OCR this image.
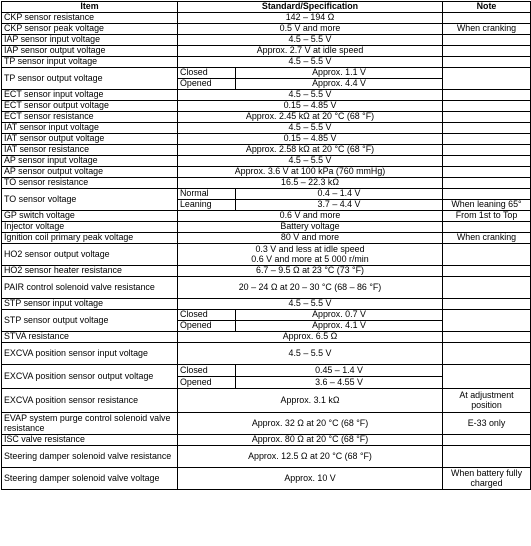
Item	Standard/Specification		Note
CKP sensor resistance	142 – 194 Ω		
CKP sensor peak voltage	0.5 V and more		When cranking
IAP sensor input voltage	4.5 – 5.5 V		
IAP sensor output voltage	Approx. 2.7 V at idle speed		
TP sensor input voltage	4.5 – 5.5 V		
TP sensor output voltage	Closed	Approx. 1.1 V	
	Opened	Approx. 4.4 V	
ECT sensor input voltage	4.5 – 5.5 V		
ECT sensor output voltage	0.15 – 4.85 V		
ECT sensor resistance	Approx. 2.45 kΩ at 20 °C (68 °F)		
IAT sensor input voltage	4.5 – 5.5 V		
IAT sensor output voltage	0.15 – 4.85 V		
IAT sensor resistance	Approx. 2.58 kΩ at 20 °C (68 °F)		
AP sensor input voltage	4.5 – 5.5 V		
AP sensor output voltage	Approx. 3.6 V at 100 kPa (760 mmHg)		
TO sensor resistance	16.5 – 22.3 kΩ		
TO sensor voltage	Normal	0.4 – 1.4 V	
	Leaning	3.7 – 4.4 V	When leaning 65°
GP switch voltage	0.6 V and more		From 1st to Top
Injector voltage	Battery voltage		
Ignition coil primary peak voltage	80 V and more		When cranking
HO2 sensor output voltage	0.3 V and less at idle speed
0.6 V and more at 5 000 r/min		

HO2 sensor heater resistance	6.7 – 9.5 Ω at 23 °C (73 °F)		
PAIR control solenoid valve resistance	20 – 24 Ω at 20 – 30 °C (68 – 86 °F)		
STP sensor input voltage	4.5 – 5.5 V		
STP sensor output voltage	Closed	Approx. 0.7 V	
	Opened	Approx. 4.1 V	
STVA resistance	Approx. 6.5 Ω		
EXCVA position sensor input voltage	4.5 – 5.5 V		
EXCVA position sensor output voltage	Closed	0.45 – 1.4 V	
	Opened	3.6 – 4.55 V	
EXCVA position sensor resistance	Approx. 3.1 kΩ		At adjustment position
EVAP system purge control solenoid valve resistance	Approx. 32 Ω at 20 °C (68 °F)		E-33 only
ISC valve resistance	Approx. 80 Ω at 20 °C (68 °F)		
Steering damper solenoid valve resistance	Approx. 12.5 Ω at 20 °C (68 °F)		
Steering damper solenoid valve voltage	Approx. 10 V		When battery fully charged
